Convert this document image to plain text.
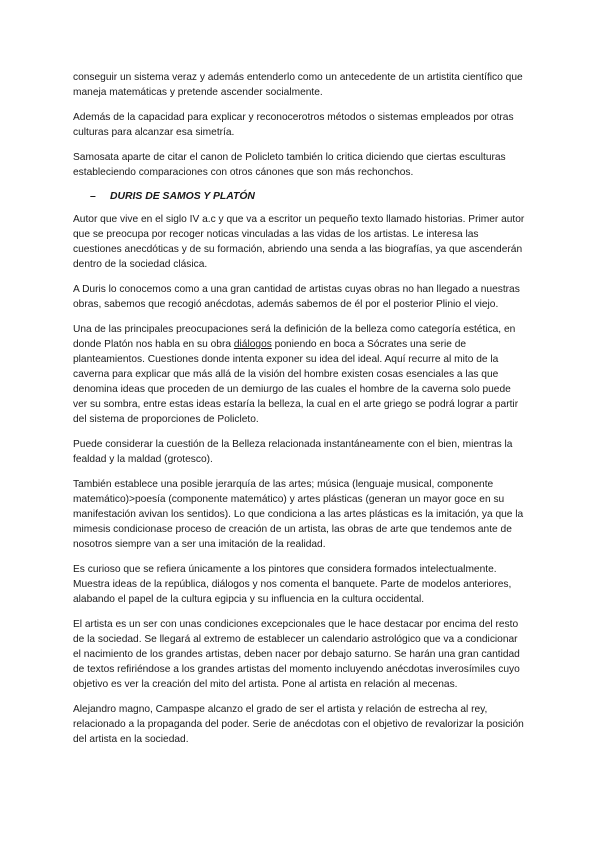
conseguir un sistema veraz y además entenderlo como un antecedente de un artistita científico que maneja matemáticas y pretende ascender socialmente.

Además de la capacidad para explicar y reconocerotros métodos o sistemas empleados por otras culturas para alcanzar esa simetría.

Samosata aparte de citar el canon de Policleto también lo critica diciendo que ciertas esculturas estableciendo comparaciones con otros cánones que son más rechonchos.

– DURIS DE SAMOS Y PLATÓN

Autor que vive en el siglo IV a.c y que va a escritor un pequeño texto llamado historias. Primer autor que se preocupa por recoger noticas vinculadas a las vidas de los artistas. Le interesa las cuestiones anecdóticas y de su formación, abriendo una senda a las biografías, ya que ascenderán dentro de la sociedad clásica.

A Duris lo conocemos como a una gran cantidad de artistas cuyas obras no han llegado a nuestras obras, sabemos que recogió anécdotas, además sabemos de él por el posterior Plinio el viejo.

Una de las principales preocupaciones será la definición de la belleza como categoría estética, en donde Platón nos habla en su obra diálogos poniendo en boca a Sócrates una serie de planteamientos. Cuestiones donde intenta exponer su idea del ideal. Aquí recurre al mito de la caverna para explicar que más allá de la visión del hombre existen cosas esenciales a las que denomina ideas que proceden de un demiurgo de las cuales el hombre de la caverna solo puede ver su sombra, entre estas ideas estaría la belleza, la cual en el arte griego se podrá lograr a partir del sistema de proporciones de Policleto.

Puede considerar la cuestión de la Belleza relacionada instantáneamente con el bien, mientras la fealdad y la maldad (grotesco).

También establece una posible jerarquía de las artes; música (lenguaje musical, componente matemático)>poesía (componente matemático) y artes plásticas (generan un mayor goce en su manifestación avivan los sentidos). Lo que condiciona a las artes plásticas es la imitación, ya que la mimesis condicionase proceso de creación de un artista, las obras de arte que tendemos ante de nosotros siempre van a ser una imitación de la realidad.

Es curioso que se refiera únicamente a los pintores que considera formados intelectualmente. Muestra ideas de la república, diálogos y nos comenta el banquete. Parte de modelos anteriores, alabando el papel de la cultura egipcia y su influencia en la cultura occidental.

El artista es un ser con unas condiciones excepcionales que le hace destacar por encima del resto de la sociedad. Se llegará al extremo de establecer un calendario astrológico que va a condicionar el nacimiento de los grandes artistas, deben nacer por debajo saturno. Se harán una gran cantidad de textos refiriéndose a los grandes artistas del momento incluyendo anécdotas inverosímiles cuyo objetivo es ver la creación del mito del artista. Pone al artista en relación al mecenas.

Alejandro magno, Campaspe alcanzo el grado de ser el artista y relación de estrecha al rey, relacionado a la propaganda del poder. Serie de anécdotas con el objetivo de revalorizar la posición del artista en la sociedad.
